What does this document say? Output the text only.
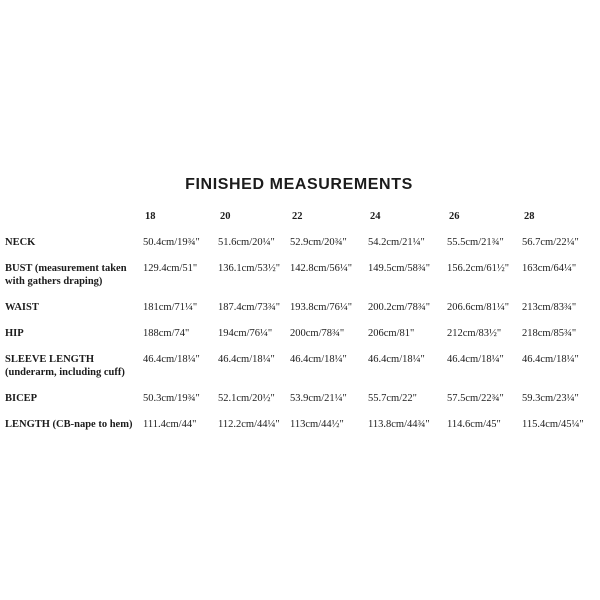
FINISHED MEASUREMENTS
18	20	22	24	26	28
NECK	50.4cm/19¾"	51.6cm/20¼"	52.9cm/20¾"	54.2cm/21¼"	55.5cm/21¾"	56.7cm/22¼"
BUST (measurement taken with gathers draping)
129.4cm/51"	136.1cm/53½" 142.8cm/56¼"	149.5cm/58¾"	156.2cm/61½"	163cm/64¼"
WAIST	181cm/71¼"	187.4cm/73¾" 193.8cm/76¼"	200.2cm/78¾"	206.6cm/81¼"	213cm/83¾"
HIP	188cm/74"	194cm/76¼"	200cm/78¾"	206cm/81"	212cm/83½"	218cm/85¾"
SLEEVE LENGTH (underarm, including cuff)
46.4cm/18¼"	46.4cm/18¼"	46.4cm/18¼"	46.4cm/18¼"	46.4cm/18¼"	46.4cm/18¼"
BICEP	50.3cm/19¾"	52.1cm/20½"	53.9cm/21¼"	55.7cm/22"	57.5cm/22¾"	59.3cm/23¼"
LENGTH (CB-nape to hem)	111.4cm/44"	112.2cm/44¼" 113cm/44½"	113.8cm/44¾"	114.6cm/45"	115.4cm/45¼"
